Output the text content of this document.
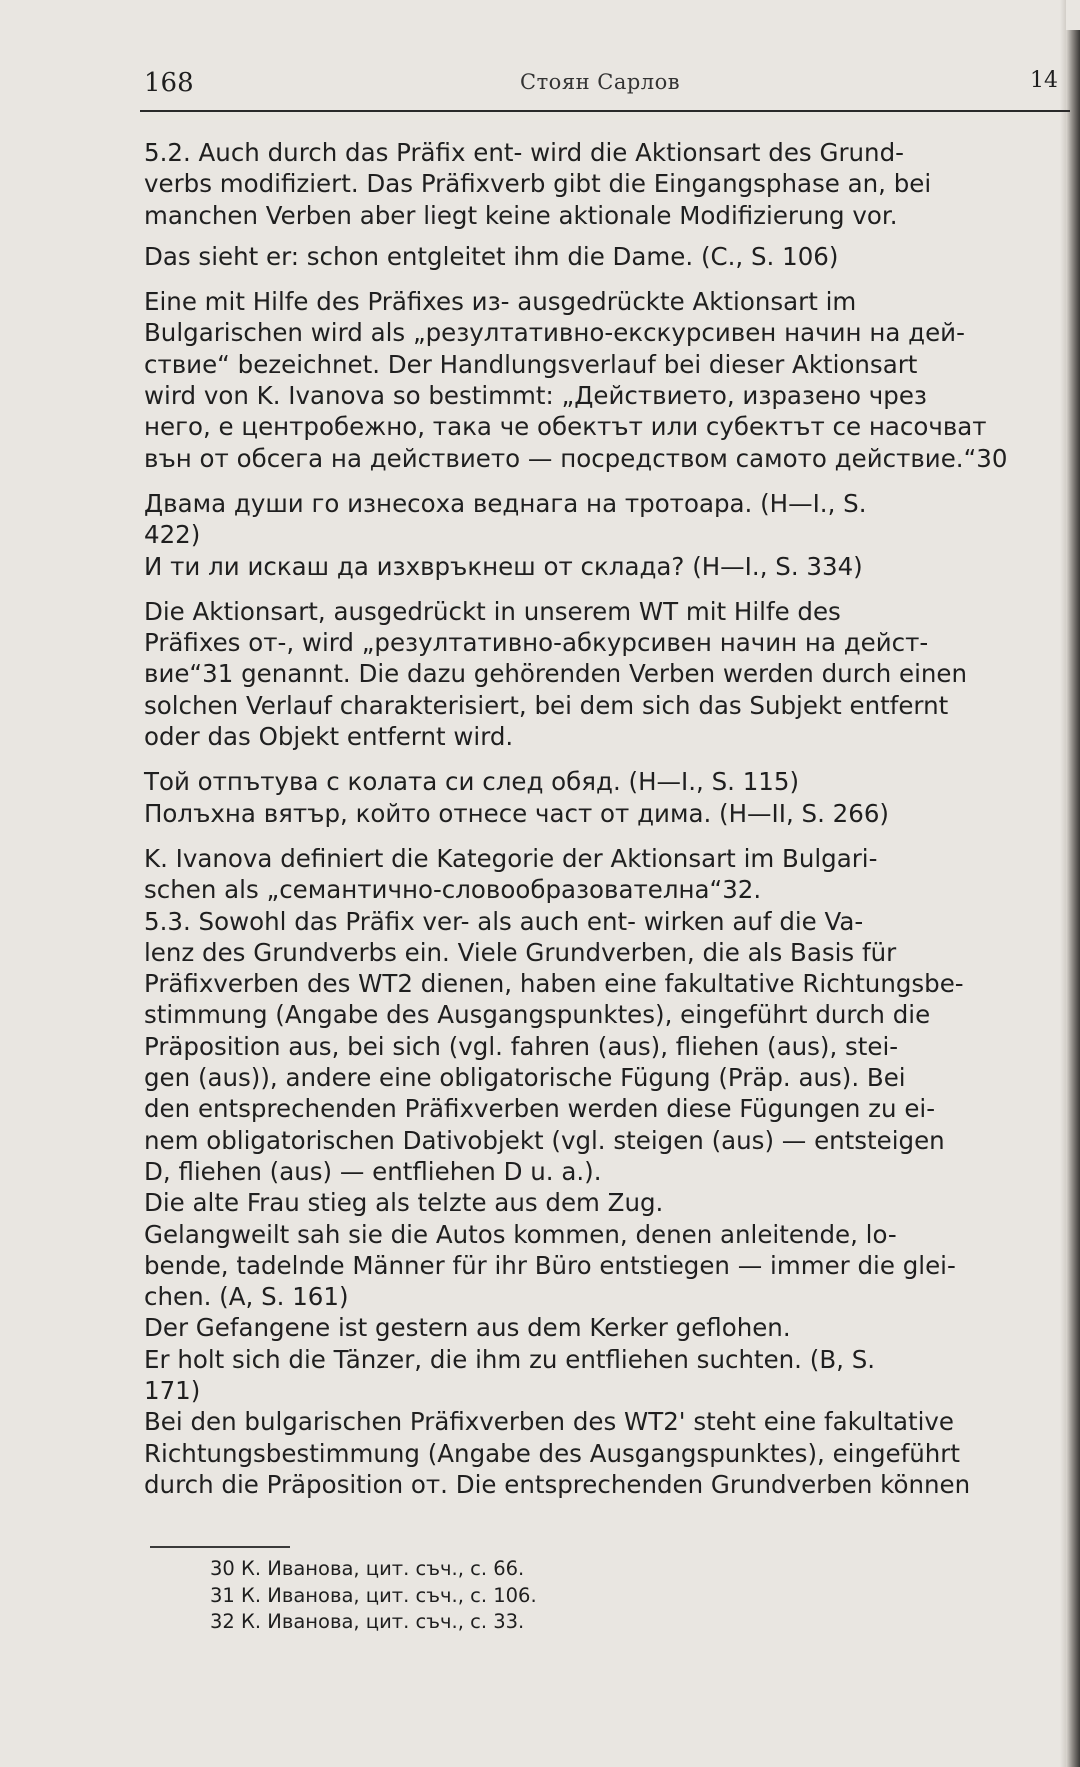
168	Стоян Сарлов	14

5.2. Auch durch das Präfix ent- wird die Aktionsart des Grund-

verbs modifiziert. Das Präfixverb gibt die Eingangsphase an, bei

manchen Verben aber liegt keine aktionale Modifizierung vor.

Das sieht er: schon entgleitet ihm die Dame. (C., S. 106)

Eine mit Hilfe des Präfixes из- ausgedrückte Aktionsart im

Bulgarischen wird als „резултативно-екскурсивен начин на дей-

ствие“ bezeichnet. Der Handlungsverlauf bei dieser Aktionsart

wird von K. Ivanova so bestimmt: „Действието, изразено чрез

него, е центробежно, така че обектът или субектът се насочват

вън от обсега на действието — посредством самото действие.“30

Двама души го изнесоха веднага на тротоара. (H—I., S.

422)

И ти ли искаш да изхвръкнеш от склада? (H—I., S. 334)

Die Aktionsart, ausgedrückt in unserem WT mit Hilfe des

Präfixes от-, wird „резултативно-абкурсивен начин на дейст-

вие“31 genannt. Die dazu gehörenden Verben werden durch einen

solchen Verlauf charakterisiert, bei dem sich das Subjekt entfernt

oder das Objekt entfernt wird.

Той отпътува с колата си след обяд. (H—I., S. 115)

Полъхна вятър, който отнесе част от дима. (H—II, S. 266)

K. Ivanova definiert die Kategorie der Aktionsart im Bulgari-

schen als „семантично-словообразователна“32.

5.3. Sowohl das Präfix ver- als auch ent- wirken auf die Va-

lenz des Grundverbs ein. Viele Grundverben, die als Basis für

Präfixverben des WT2 dienen, haben eine fakultative Richtungsbe-

stimmung (Angabe des Ausgangspunktes), eingeführt durch die

Präposition aus, bei sich (vgl. fahren (aus), fliehen (aus), stei-

gen (aus)), andere eine obligatorische Fügung (Präp. aus). Bei

den entsprechenden Präfixverben werden diese Fügungen zu ei-

nem obligatorischen Dativobjekt (vgl. steigen (aus) — entsteigen

D, fliehen (aus) — entfliehen D u. a.).

Die alte Frau stieg als telzte aus dem Zug.

Gelangweilt sah sie die Autos kommen, denen anleitende, lo-

bende, tadelnde Männer für ihr Büro entstiegen — immer die glei-

chen. (A, S. 161)

Der Gefangene ist gestern aus dem Kerker geflohen.

Er holt sich die Tänzer, die ihm zu entfliehen suchten. (B, S.

171)

Bei den bulgarischen Präfixverben des WT2' steht eine fakultative

Richtungsbestimmung (Angabe des Ausgangspunktes), eingeführt

durch die Präposition от. Die entsprechenden Grundverben können

30 К. Иванова, цит. съч., с. 66.

31 К. Иванова, цит. съч., с. 106.

32 К. Иванова, цит. съч., с. 33.
